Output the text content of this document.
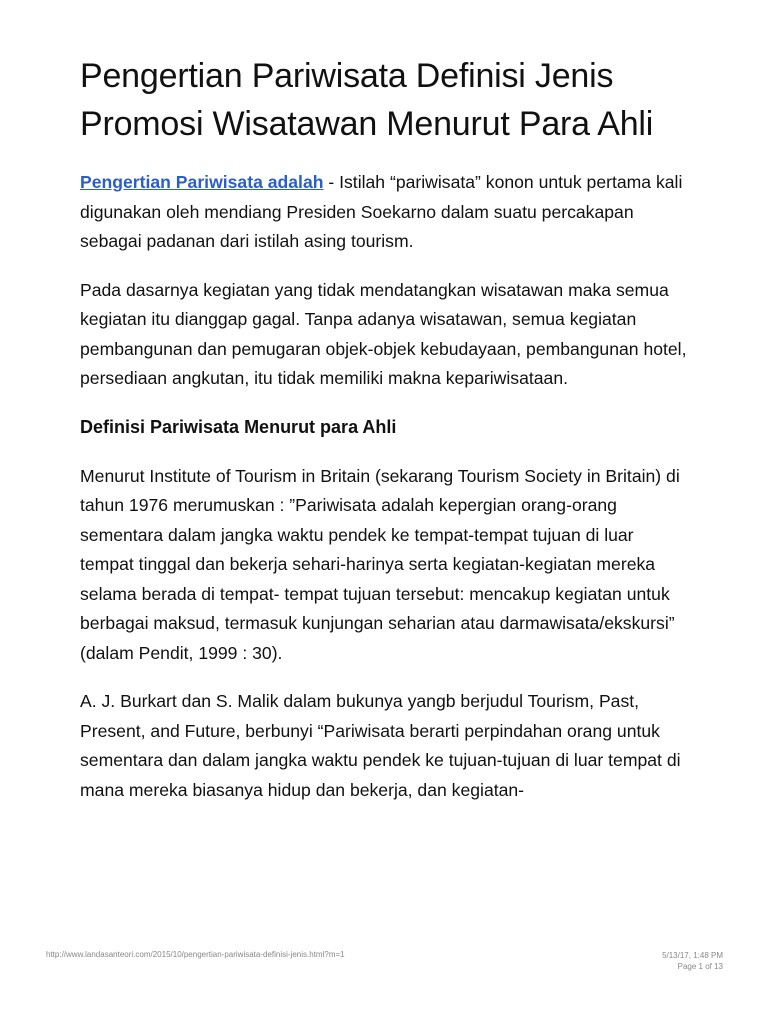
Pengertian Pariwisata Definisi Jenis Promosi Wisatawan Menurut Para Ahli

Pengertian Pariwisata adalah - Istilah “pariwisata” konon untuk pertama kali digunakan oleh mendiang Presiden Soekarno dalam suatu percakapan sebagai padanan dari istilah asing tourism.

Pada dasarnya kegiatan yang tidak mendatangkan wisatawan maka semua kegiatan itu dianggap gagal. Tanpa adanya wisatawan, semua kegiatan pembangunan dan pemugaran objek-objek kebudayaan, pembangunan hotel, persediaan angkutan, itu tidak memiliki makna kepariwisataan.

Definisi Pariwisata Menurut para Ahli

Menurut Institute of Tourism in Britain (sekarang Tourism Society in Britain) di tahun 1976 merumuskan : ”Pariwisata adalah kepergian orang-orang sementara dalam jangka waktu pendek ke tempat-tempat tujuan di luar tempat tinggal dan bekerja sehari-harinya serta kegiatan-kegiatan mereka selama berada di tempat- tempat tujuan tersebut: mencakup kegiatan untuk berbagai maksud, termasuk kunjungan seharian atau darmawisata/ekskursi” (dalam Pendit, 1999 : 30).

A. J. Burkart dan S. Malik dalam bukunya yangb berjudul Tourism, Past, Present, and Future, berbunyi “Pariwisata berarti perpindahan orang untuk sementara dan dalam jangka waktu pendek ke tujuan-tujuan di luar tempat di mana mereka biasanya hidup dan bekerja, dan kegiatan-

http://www.landasanteori.com/2015/10/pengertian-pariwisata-definisi-jenis.html?m=1	5/13/17, 1:48 PM
Page 1 of 13
